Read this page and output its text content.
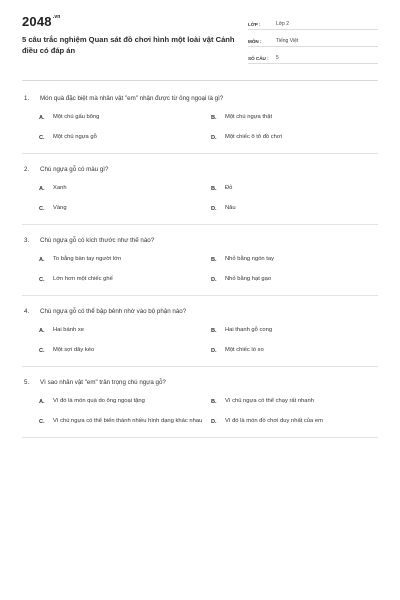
$2048^{.vn}$
5 câu trắc nghiệm Quan sát đồ chơi hình một loài vật Cảnh điều có đáp án
LỚP :	Lớp 2
MÔN :	Tiếng Việt
SỐ CÂU :	5
1.	Món quà đặc biệt mà nhân vật "em" nhận được từ ông ngoại là gì?
A.	Một chú gấu bông	B.	Một chú ngựa thật
C.	Một chú ngựa gỗ	D.	Một chiếc ô tô đồ chơi
2.	Chú ngựa gỗ có màu gì?
A.	Xanh	B.	Đỏ
C.	Vàng	D.	Nâu
3.	Chú ngựa gỗ có kích thước như thế nào?
A.	To bằng bàn tay người lớn	B.	Nhỏ bằng ngón tay
C.	Lớn hơn một chiếc ghế	D.	Nhỏ bằng hạt gạo
4.	Chú ngựa gỗ có thể bập bênh nhờ vào bộ phận nào?
A.	Hai bánh xe	B.	Hai thanh gỗ cong
C.	Một sợi dây kéo	D.	Một chiếc lò xo
5.	Vì sao nhân vật "em" trân trọng chú ngựa gỗ?
A.	Vì đó là món quà do ông ngoại tặng	B.	Vì chú ngựa có thể chạy rất nhanh
C.	Vì chú ngựa có thể biến thành nhiều hình dạng khác nhau D.	Vì đó là món đồ chơi duy nhất của em
